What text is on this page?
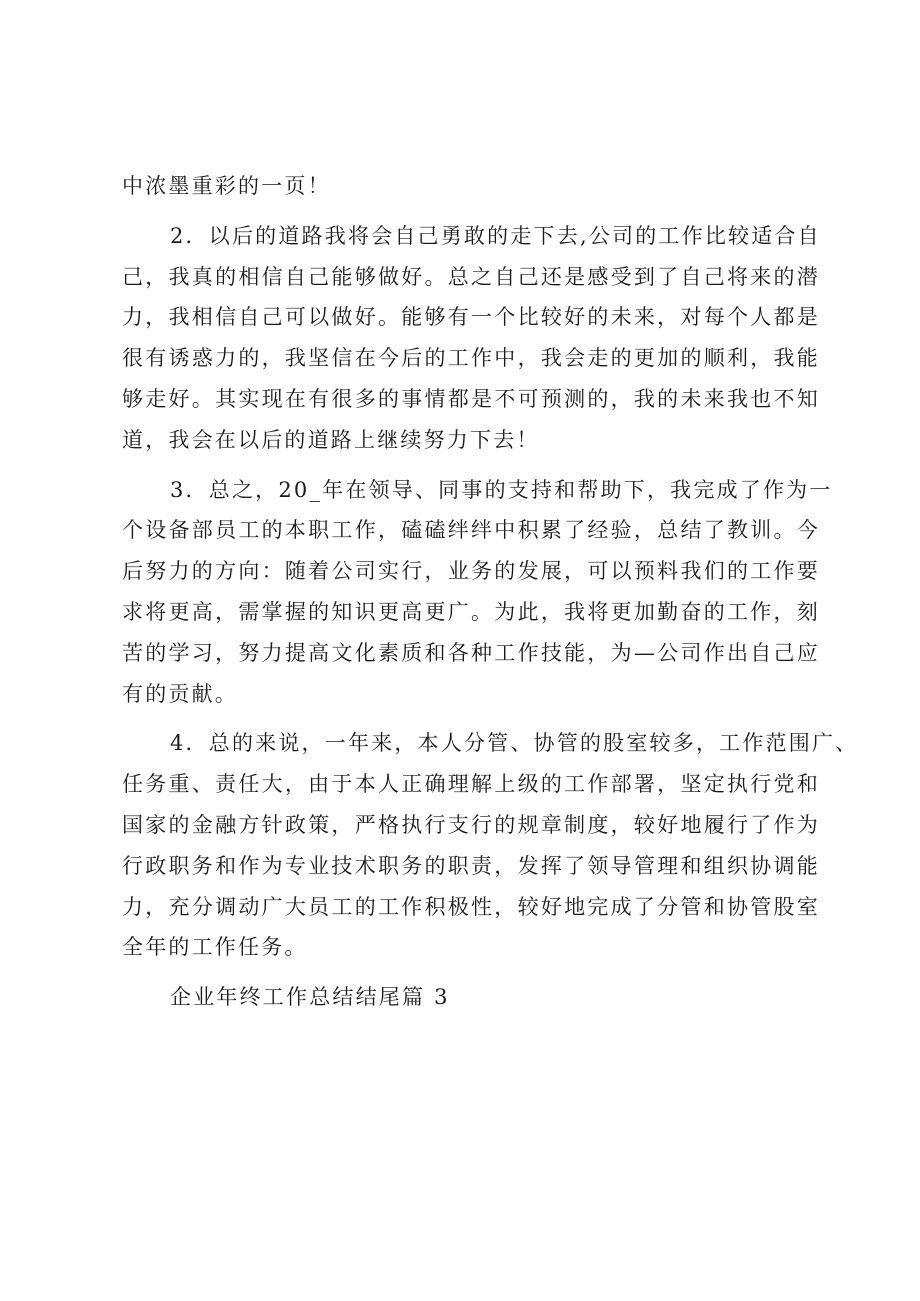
中浓墨重彩的一页！
2．以后的道路我将会自己勇敢的走下去,公司的工作比较适合自
己，我真的相信自己能够做好。总之自己还是感受到了自己将来的潜
力，我相信自己可以做好。能够有一个比较好的未来，对每个人都是
很有诱惑力的，我坚信在今后的工作中，我会走的更加的顺利，我能
够走好。其实现在有很多的事情都是不可预测的，我的未来我也不知
道，我会在以后的道路上继续努力下去！
3．总之，20_年在领导、同事的支持和帮助下，我完成了作为一
个设备部员工的本职工作，磕磕绊绊中积累了经验，总结了教训。今
后努力的方向：随着公司实行，业务的发展，可以预料我们的工作要
求将更高，需掌握的知识更高更广。为此，我将更加勤奋的工作，刻
苦的学习，努力提高文化素质和各种工作技能，为—公司作出自己应
有的贡献。
4．总的来说，一年来，本人分管、协管的股室较多，工作范围广、
任务重、责任大，由于本人正确理解上级的工作部署，坚定执行党和
国家的金融方针政策，严格执行支行的规章制度，较好地履行了作为
行政职务和作为专业技术职务的职责，发挥了领导管理和组织协调能
力，充分调动广大员工的工作积极性，较好地完成了分管和协管股室
全年的工作任务。
企业年终工作总结结尾篇 3
